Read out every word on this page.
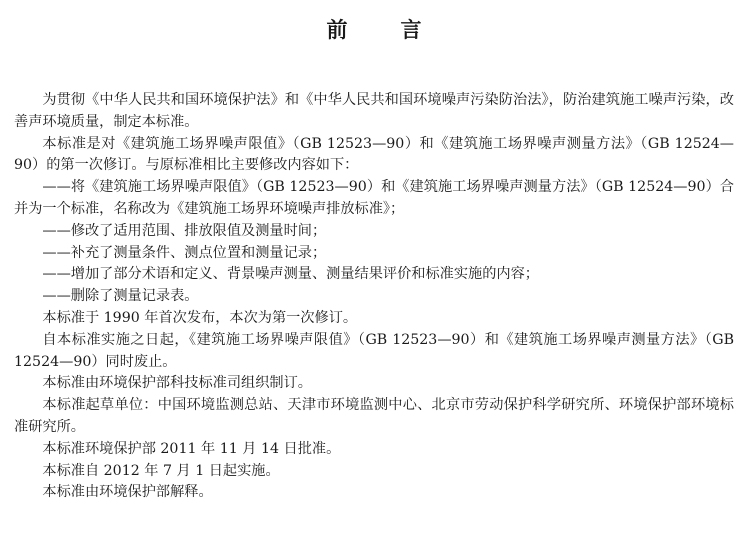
前　言

为贯彻《中华人民共和国环境保护法》和《中华人民共和国环境噪声污染防治法》，防治建筑施工噪声污染，改善声环境质量，制定本标准。

本标准是对《建筑施工场界噪声限值》（GB 12523—90）和《建筑施工场界噪声测量方法》（GB 12524—90）的第一次修订。与原标准相比主要修改内容如下：

——将《建筑施工场界噪声限值》（GB 12523—90）和《建筑施工场界噪声测量方法》（GB 12524—90）合并为一个标准，名称改为《建筑施工场界环境噪声排放标准》；

——修改了适用范围、排放限值及测量时间；

——补充了测量条件、测点位置和测量记录；

——增加了部分术语和定义、背景噪声测量、测量结果评价和标准实施的内容；

——删除了测量记录表。

本标准于 1990 年首次发布，本次为第一次修订。

自本标准实施之日起，《建筑施工场界噪声限值》（GB 12523—90）和《建筑施工场界噪声测量方法》（GB 12524—90）同时废止。

本标准由环境保护部科技标准司组织制订。

本标准起草单位：中国环境监测总站、天津市环境监测中心、北京市劳动保护科学研究所、环境保护部环境标准研究所。

本标准环境保护部 2011 年 11 月 14 日批准。

本标准自 2012 年 7 月 1 日起实施。

本标准由环境保护部解释。
